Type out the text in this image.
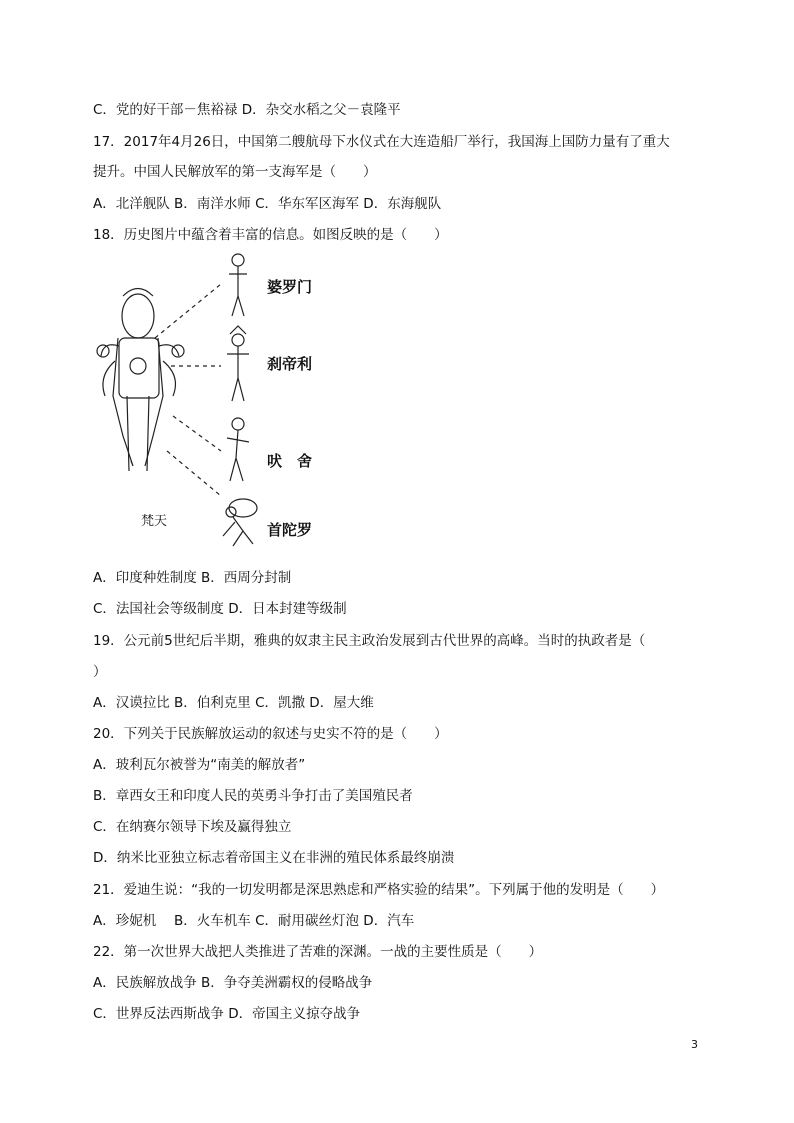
C．党的好干部－焦裕禄 D．杂交水稻之父－袁隆平
17．2017年4月26日，中国第二艘航母下水仪式在大连造船厂举行，我国海上国防力量有了重大
提升。中国人民解放军的第一支海军是（　　）
A．北洋舰队 B．南洋水师 C．华东军区海军 D．东海舰队
18．历史图片中蕴含着丰富的信息。如图反映的是（　　）
婆罗门
刹帝利
吠　舍
首陀罗
梵天
A．印度种姓制度 B．西周分封制
C．法国社会等级制度 D．日本封建等级制
19．公元前5世纪后半期，雅典的奴隶主民主政治发展到古代世界的高峰。当时的执政者是（
）
A．汉谟拉比 B．伯利克里 C．凯撒 D．屋大维
20．下列关于民族解放运动的叙述与史实不符的是（　　）
A．玻利瓦尔被誉为“南美的解放者”
B．章西女王和印度人民的英勇斗争打击了美国殖民者
C．在纳赛尔领导下埃及赢得独立
D．纳米比亚独立标志着帝国主义在非洲的殖民体系最终崩溃
21．爱迪生说：“我的一切发明都是深思熟虑和严格实验的结果”。下列属于他的发明是（　　）
A．珍妮机　 B．火车机车 C．耐用碳丝灯泡 D．汽车
22．第一次世界大战把人类推进了苦难的深渊。一战的主要性质是（　　）
A．民族解放战争 B．争夺美洲霸权的侵略战争
C．世界反法西斯战争 D．帝国主义掠夺战争
3
